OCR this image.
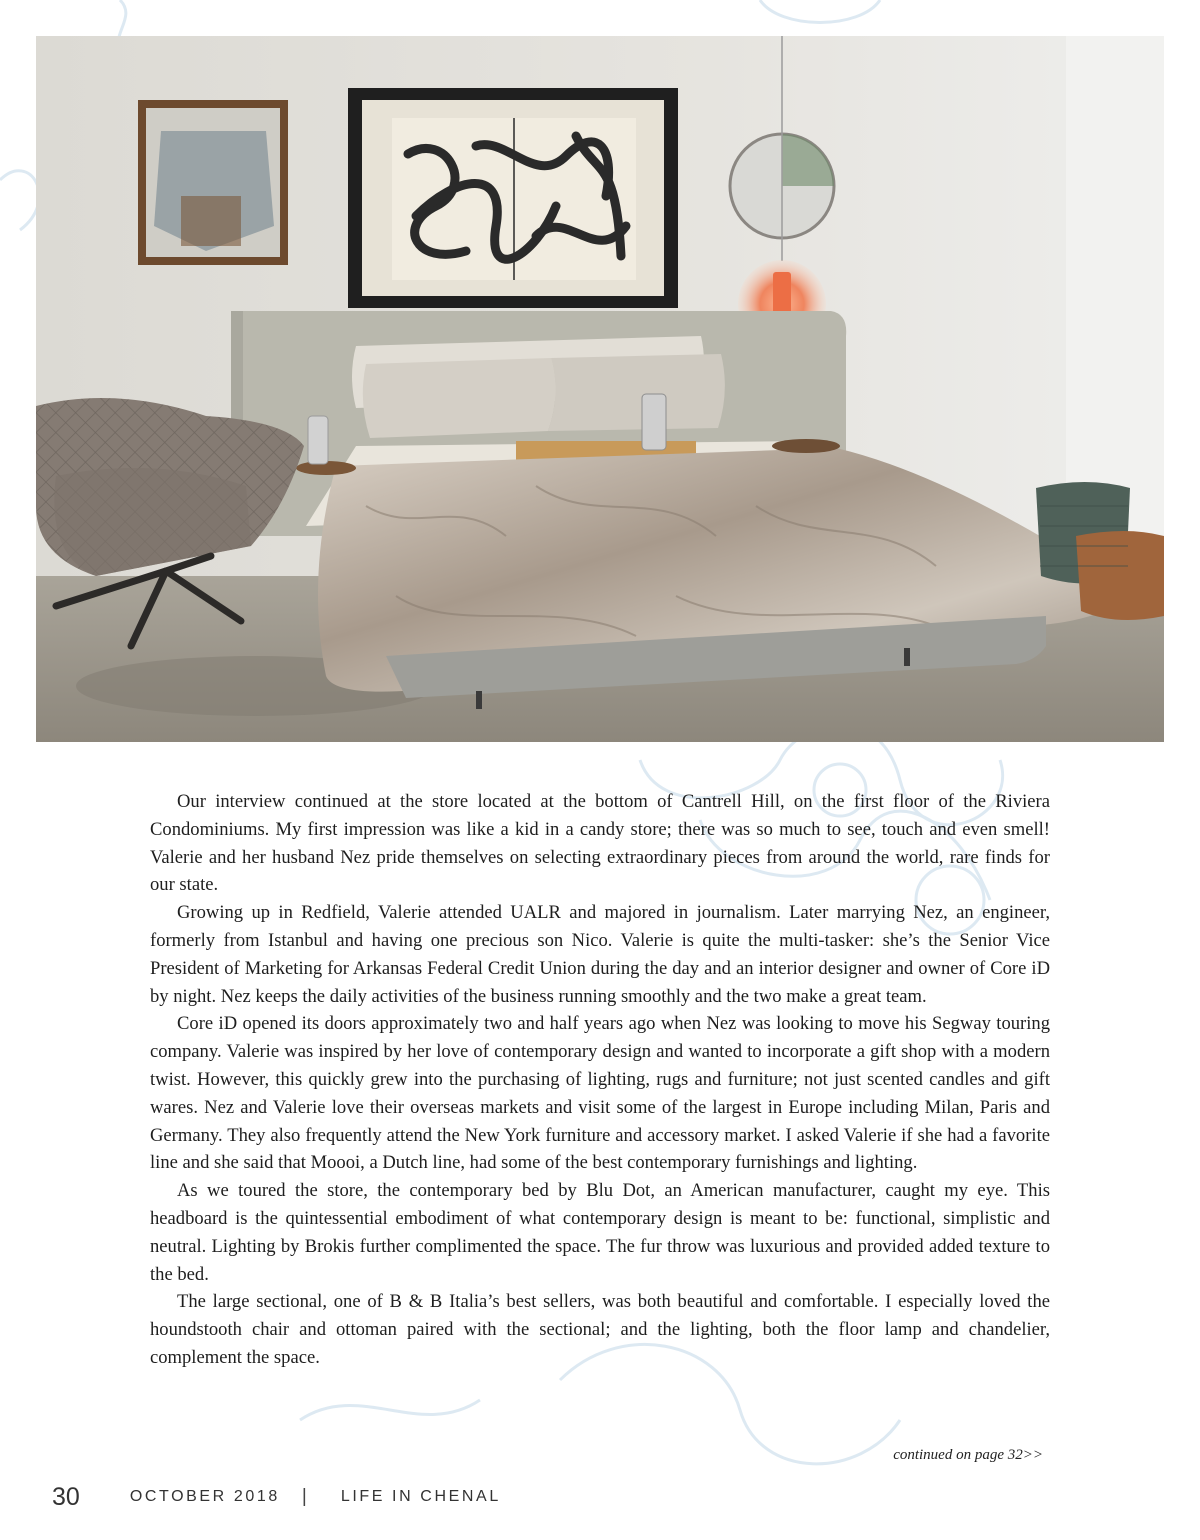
Our interview continued at the store located at the bottom of Cantrell Hill, on the first floor of the Riviera Condominiums. My first impression was like a kid in a candy store; there was so much to see, touch and even smell! Valerie and her husband Nez pride themselves on selecting extraordinary pieces from around the world, rare finds for our state.

Growing up in Redfield, Valerie attended UALR and majored in journalism. Later marrying Nez, an engineer, formerly from Istanbul and having one precious son Nico. Valerie is quite the multi-tasker: she’s the Senior Vice President of Marketing for Arkansas Federal Credit Union during the day and an interior designer and owner of Core iD by night. Nez keeps the daily activities of the business running smoothly and the two make a great team.

Core iD opened its doors approximately two and half years ago when Nez was looking to move his Segway touring company. Valerie was inspired by her love of contemporary design and wanted to incorporate a gift shop with a modern twist. However, this quickly grew into the purchasing of lighting, rugs and furniture; not just scented candles and gift wares. Nez and Valerie love their overseas markets and visit some of the largest in Europe including Milan, Paris and Germany. They also frequently attend the New York furniture and accessory market. I asked Valerie if she had a favorite line and she said that Moooi, a Dutch line, had some of the best contemporary furnishings and lighting.

As we toured the store, the contemporary bed by Blu Dot, an American manufacturer, caught my eye. This headboard is the quintessential embodiment of what contemporary design is meant to be: functional, simplistic and neutral. Lighting by Brokis further complimented the space. The fur throw was luxurious and provided added texture to the bed.

The large sectional, one of B & B Italia’s best sellers, was both beautiful and comfortable. I especially loved the houndstooth chair and ottoman paired with the sectional; and the lighting, both the floor lamp and chandelier, complement the space.

continued on page 32>>
30	OCTOBER 2018 | LIFE IN CHENAL
